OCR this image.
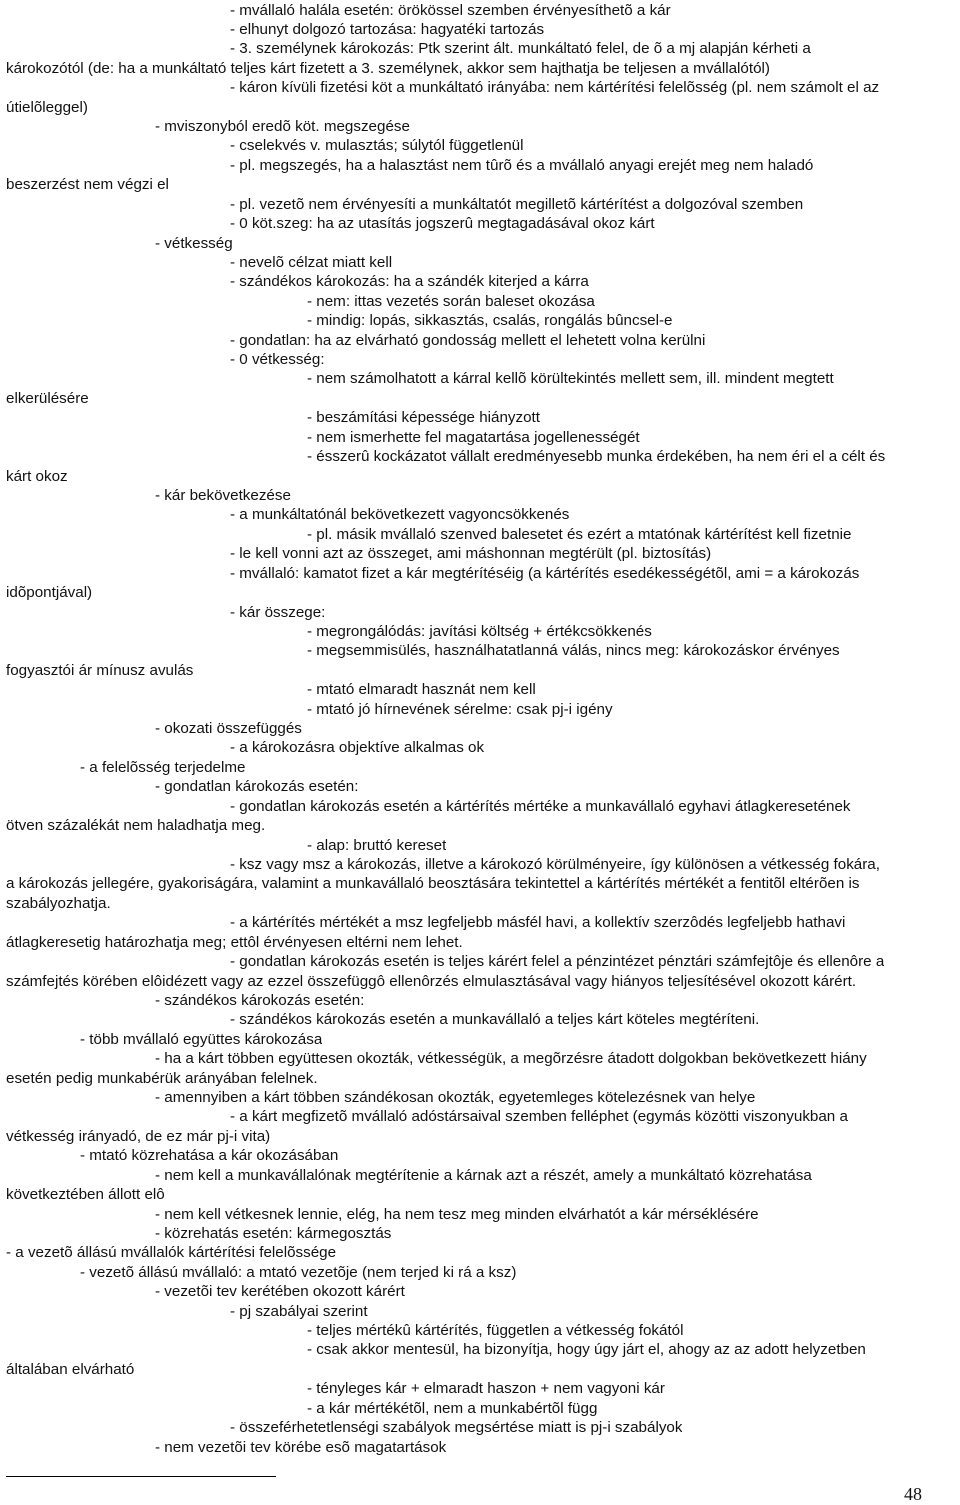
- mvállaló halála esetén: örökössel szemben érvényesíthetõ a kár
- elhunyt dolgozó tartozása: hagyatéki tartozás
- 3. személynek károkozás: Ptk szerint ált. munkáltató felel, de õ a mj alapján kérheti a
károkozótól (de: ha a munkáltató teljes kárt fizetett a 3. személynek, akkor sem hajthatja be teljesen a mvállalótól)
- káron kívüli fizetési köt a munkáltató irányába: nem kártérítési felelõsség (pl. nem számolt el az
útielõleggel)
- mviszonyból eredõ köt. megszegése
- cselekvés v. mulasztás; súlytól függetlenül
- pl. megszegés, ha a halasztást nem tûrõ és a mvállaló anyagi erejét meg nem haladó
beszerzést nem végzi el
- pl. vezetõ nem érvényesíti a munkáltatót megilletõ kártérítést a dolgozóval szemben
- 0 köt.szeg: ha az utasítás jogszerû megtagadásával okoz kárt
- vétkesség
- nevelõ célzat miatt kell
- szándékos károkozás: ha a szándék kiterjed a kárra
- nem: ittas vezetés során baleset okozása
- mindig: lopás, sikkasztás, csalás, rongálás bûncsel-e
- gondatlan: ha az elvárható gondosság mellett el lehetett volna kerülni
- 0 vétkesség:
- nem számolhatott a kárral kellõ körültekintés mellett sem, ill. mindent megtett
elkerülésére
- beszámítási képessége hiányzott
- nem ismerhette fel magatartása jogellenességét
- ésszerû kockázatot vállalt eredményesebb munka érdekében, ha nem éri el a célt és
kárt okoz
- kár bekövetkezése
- a munkáltatónál bekövetkezett vagyoncsökkenés
- pl. másik mvállaló szenved balesetet és ezért a mtatónak kártérítést kell fizetnie
- le kell vonni azt az összeget, ami máshonnan megtérült (pl. biztosítás)
- mvállaló: kamatot fizet a kár megtérítéséig (a kártérítés esedékességétõl, ami = a károkozás
idõpontjával)
- kár összege:
- megrongálódás: javítási költség + értékcsökkenés
- megsemmisülés, használhatatlanná válás, nincs meg: károkozáskor érvényes
fogyasztói ár mínusz avulás
- mtató elmaradt hasznát nem kell
- mtató jó hírnevének sérelme: csak pj-i igény
- okozati összefüggés
- a károkozásra objektíve alkalmas ok
- a felelõsség terjedelme
- gondatlan károkozás esetén:
- gondatlan károkozás esetén a kártérítés mértéke a munkavállaló egyhavi átlagkeresetének
ötven százalékát nem haladhatja meg.
- alap: bruttó kereset
- ksz vagy msz a károkozás, illetve a károkozó körülményeire, így különösen a vétkesség fokára,
a károkozás jellegére, gyakoriságára, valamint a munkavállaló beosztására tekintettel a kártérítés mértékét a fentitõl eltérõen is
szabályozhatja.
- a kártérítés mértékét a msz legfeljebb másfél havi, a kollektív szerzôdés legfeljebb hathavi
átlagkeresetig határozhatja meg; ettôl érvényesen eltérni nem lehet.
- gondatlan károkozás esetén is teljes kárért felel a pénzintézet pénztári számfejtôje és ellenôre a
számfejtés körében elôidézett vagy az ezzel összefüggô ellenôrzés elmulasztásával vagy hiányos teljesítésével okozott kárért.
- szándékos károkozás esetén:
- szándékos károkozás esetén a munkavállaló a teljes kárt köteles megtéríteni.
- több mvállaló együttes károkozása
- ha a kárt többen együttesen okozták, vétkességük, a megõrzésre átadott dolgokban bekövetkezett hiány
esetén pedig munkabérük arányában felelnek.
- amennyiben a kárt többen szándékosan okozták, egyetemleges kötelezésnek van helye
- a kárt megfizetõ mvállaló adóstársaival szemben felléphet (egymás közötti viszonyukban a
vétkesség irányadó, de ez már pj-i vita)
- mtató közrehatása a kár okozásában
- nem kell a munkavállalónak megtérítenie a kárnak azt a részét, amely a munkáltató közrehatása
következtében állott elô
- nem kell vétkesnek lennie, elég, ha nem tesz meg minden elvárhatót a kár mérséklésére
- közrehatás esetén: kármegosztás
- a vezetõ állású mvállalók kártérítési felelõssége
- vezetõ állású mvállaló: a mtató vezetõje (nem terjed ki rá a ksz)
- vezetõi tev kerétében okozott kárért
- pj szabályai szerint
- teljes mértékû kártérítés, független a vétkesség fokától
- csak akkor mentesül, ha bizonyítja, hogy úgy járt el, ahogy az az adott helyzetben
általában elvárható
- tényleges kár + elmaradt haszon + nem vagyoni kár
- a kár mértékétõl, nem a munkabértõl függ
- összeférhetetlenségi szabályok megsértése miatt is pj-i szabályok
- nem vezetõi tev körébe esõ magatartások
48
